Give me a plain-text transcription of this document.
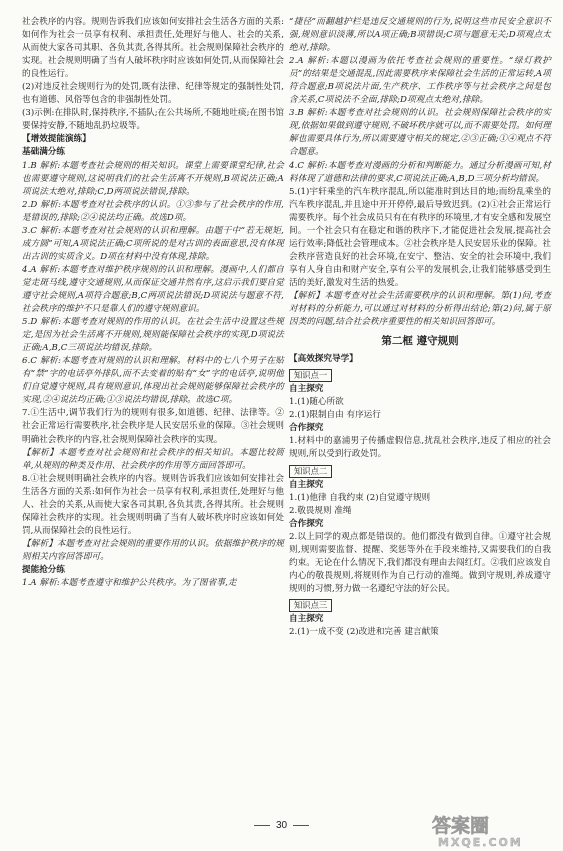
社会秩序的内容。规则告诉我们应该如何安排社会生活各方面的关系:如何作为社会一员享有权利、承担责任,处理好与他人、社会的关系,从而使大家各司其职、各负其责,各得其所。社会规则保障社会秩序的实现。社会规则明确了当有人破坏秩序时应该如何处罚,从而保障社会的良性运行。

(2)对违反社会规则行为的处罚,既有法律、纪律等规定的强制性处罚,也有道德、风俗等包含的非强制性处罚。

(3)示例:在排队时,保持秩序,不插队;在公共场所,不随地吐痰;在图书馆要保持安静,不随地乱扔垃圾等。

【增效提能演练】

基础满分练

1.B 解析:本题考查社会规则的相关知识。课堂上需要课堂纪律,社会也需要遵守规则,这说明我们的社会生活离不开规则,B项说法正确;A项说法太绝对,排除;C,D两项说法错误,排除。

2.D 解析:本题考查对社会秩序的认识。①③参与了社会秩序的作用,是错误的,排除;②④说法均正确。故选D项。

3.C 解析:本题考查对社会规则的认识和理解。由题干中“若无规矩,成方圆”可知,A项说法正确;C项所说的是对古训的表面意思,没有体现出古训的实质含义。D项在材料中没有体现,排除。

4.A 解析:本题考查对维护秩序规则的认识和理解。漫画中,人们都自觉走斑马线,遵守交通规则,从而保证交通井然有序,这启示我们要自觉遵守社会规则,A项符合题意;B,C两项说法错误;D项说法与题意不符,社会秩序的维护不只是靠人们的遵守规则意识。

5.D 解析:本题考查对规则的作用的认识。在社会生活中设置这些规定,是因为社会生活离不开规则,规则能保障社会秩序的实现,D项说法正确;A,B,C三项说法均错误,排除。

6.C 解析:本题考查对规则的认识和理解。材料中的七八个男子在贴有“禁”字的电话亭外排队,而不去变着的贴有“女”字的电话亭,说明他们自觉遵守规则,具有规则意识,体现出社会规则能够保障社会秩序的实现,②④说法均正确;①③说法均错误,排除。故选C项。

7.①生活中,调节我们行为的规则有很多,如道德、纪律、法律等。②社会正常运行需要秩序,社会秩序是人民安居乐业的保障。③社会规则明确社会秩序的内容,社会规则保障社会秩序的实现。

【解析】本题考查对社会规则和社会秩序的相关知识。本题比较简单,从规则的种类及作用、社会秩序的作用等方面回答即可。

8.①社会规则明确社会秩序的内容。规则告诉我们应该如何安排社会生活各方面的关系:如何作为社会一员享有权利,承担责任,处理好与他人、社会的关系,从而使大家各司其职,各负其责,各得其所。社会规则保障社会秩序的实现。社会规则明确了当有人破坏秩序时应该如何处罚,从而保障社会的良性运行。

【解析】本题考查对社会规则的重要作用的认识。依据维护秩序的规则相关内容回答即可。

提能抢分练

1.A 解析:本题考查遵守和维护公共秩序。为了图省事,走

“捷径”而翻越护栏是违反交通规则的行为,说明这些市民安全意识不强,规则意识淡薄,所以A项正确;B项错误;C项与题意无关;D项观点太绝对,排除。

2.A 解析:本题以漫画为依托考查社会规则的重要性。“绿灯救护员”的结果是交通混乱,因此需要秩序来保障社会生活的正常运转,A项符合题意;B项说法片面,生产秩序、工作秩序等与社会秩序之间是包含关系,C项说法不全面,排除;D项观点太绝对,排除。

3.B 解析:本题考查对社会规则的认识。社会规则保障社会秩序的实现,依据如果做到遵守规则,不破坏秩序就可以,而不需要处罚。如何理解也需要具体行为,所以需要遵守相关的规定,②③正确;①④观点不符合题意。

4.C 解析:本题考查对漫画的分析和判断能力。通过分析漫画可知,材料体现了道德和法律的要求,C项说法正确;A,B,D三项分析均错误。

5.(1)宇轩乘坐的汽车秩序混乱,所以能准时到达目的地;而纷乱乘坐的汽车秩序混乱,并且途中开开停停,最后导致迟到。(2)①社会正常运行需要秩序。每个社会成员只有在有秩序的环境里,才有安全感和发展空间。一个社会只有在稳定和谐的秩序下,才能促进社会发展,提高社会运行效率;降低社会管理成本。②社会秩序是人民安居乐业的保障。社会秩序营造良好的社会环境,在安宁、整洁、安全的社会环境中,我们享有人身自由和财产安全,享有公平的发展机会,让我们能够感受到生活的美好,激发对生活的热爱。

【解析】本题考查对社会生活需要秩序的认识和理解。第(1)问,考查对材料的分析能力,可以通过对材料的分析得出结论;第(2)问,属于原因类的问题,结合社会秩序重要性的相关知识回答即可。

第二框 遵守规则

【高效探究导学】

知识点一

自主探究

1.(1)随心所欲

2.(1)限制自由 有序运行

合作探究

1.材料中的嘉浦男子传播虚假信息,扰乱社会秩序,违反了相应的社会规则,所以受到行政处罚。

知识点二

自主探究

1.(1)他律 自我约束 (2)自觉遵守规则

2.敬畏规则 准绳

合作探究

2.以上同学的观点都是错误的。他们都没有做到自律。①遵守社会规则,规则需要监督、提醒、奖惩等外在手段来维持,又需要我们的自我约束。无论在什么情况下,我们都没有理由去闯红灯。②我们应该发自内心的敬畏规则,将规则作为自己行动的准绳。做到守规则,养成遵守规则的习惯,努力做一名遵纪守法的好公民。

知识点三

自主探究

2.(1)一成不变 (2)改进和完善 建言献策

30	答案圈
MXQE.COM
